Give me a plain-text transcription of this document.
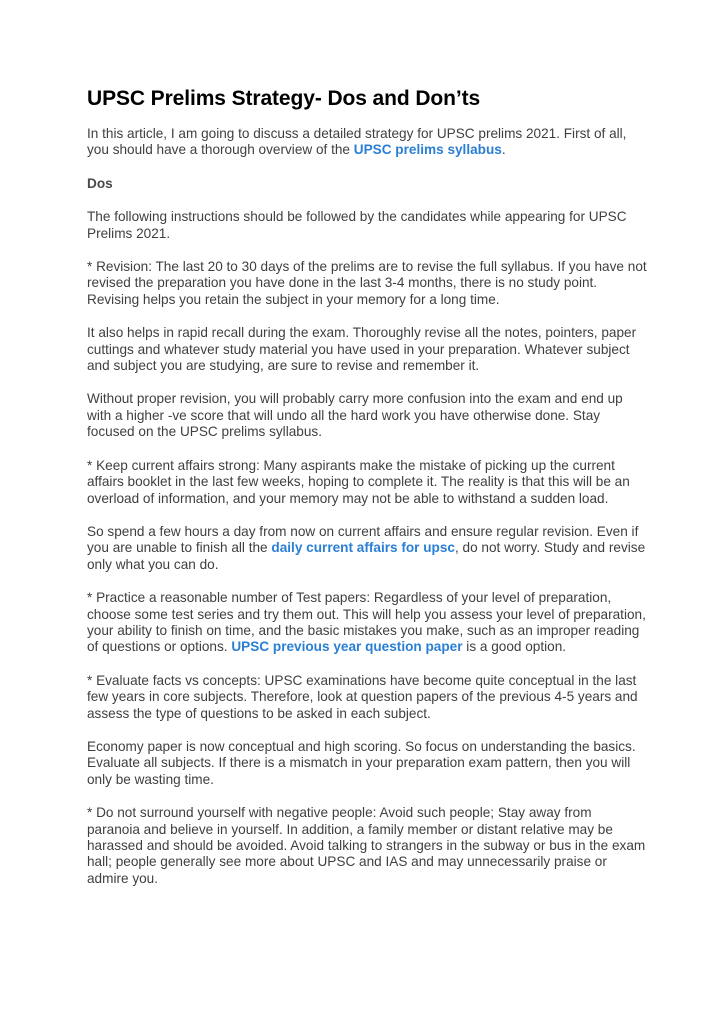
UPSC Prelims Strategy- Dos and Don’ts

In this article, I am going to discuss a detailed strategy for UPSC prelims 2021. First of all, you should have a thorough overview of the UPSC prelims syllabus.

Dos

The following instructions should be followed by the candidates while appearing for UPSC Prelims 2021.

* Revision: The last 20 to 30 days of the prelims are to revise the full syllabus. If you have not revised the preparation you have done in the last 3-4 months, there is no study point. Revising helps you retain the subject in your memory for a long time.

It also helps in rapid recall during the exam. Thoroughly revise all the notes, pointers, paper cuttings and whatever study material you have used in your preparation. Whatever subject and subject you are studying, are sure to revise and remember it.

Without proper revision, you will probably carry more confusion into the exam and end up with a higher -ve score that will undo all the hard work you have otherwise done. Stay focused on the UPSC prelims syllabus.

* Keep current affairs strong: Many aspirants make the mistake of picking up the current affairs booklet in the last few weeks, hoping to complete it. The reality is that this will be an overload of information, and your memory may not be able to withstand a sudden load.

So spend a few hours a day from now on current affairs and ensure regular revision. Even if you are unable to finish all the daily current affairs for upsc, do not worry. Study and revise only what you can do.

* Practice a reasonable number of Test papers: Regardless of your level of preparation, choose some test series and try them out. This will help you assess your level of preparation, your ability to finish on time, and the basic mistakes you make, such as an improper reading of questions or options. UPSC previous year question paper is a good option.

* Evaluate facts vs concepts: UPSC examinations have become quite conceptual in the last few years in core subjects. Therefore, look at question papers of the previous 4-5 years and assess the type of questions to be asked in each subject.

Economy paper is now conceptual and high scoring. So focus on understanding the basics. Evaluate all subjects. If there is a mismatch in your preparation exam pattern, then you will only be wasting time.

* Do not surround yourself with negative people: Avoid such people; Stay away from paranoia and believe in yourself. In addition, a family member or distant relative may be harassed and should be avoided. Avoid talking to strangers in the subway or bus in the exam hall; people generally see more about UPSC and IAS and may unnecessarily praise or admire you.
